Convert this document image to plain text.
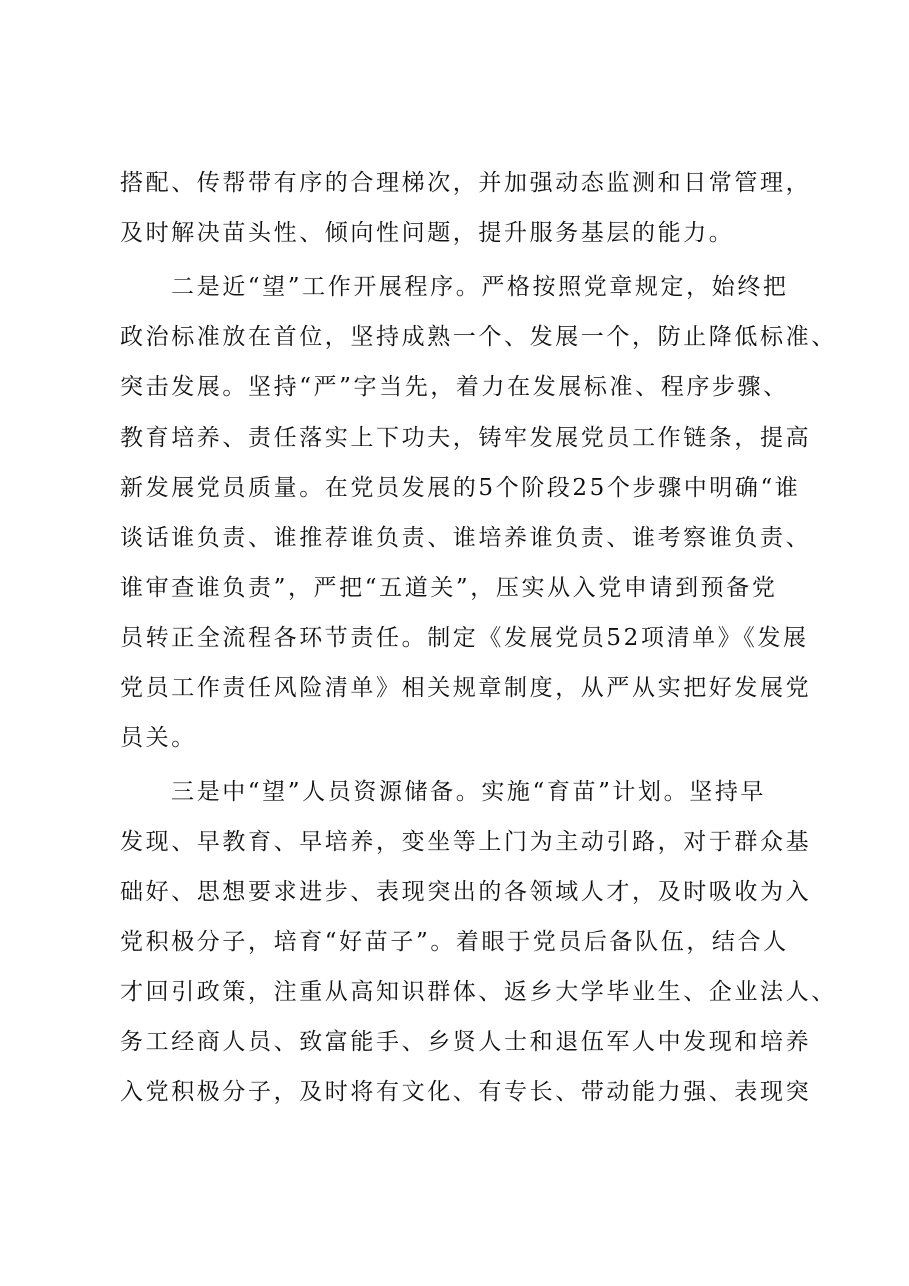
搭配、传帮带有序的合理梯次，并加强动态监测和日常管理，
及时解决苗头性、倾向性问题，提升服务基层的能力。
二是近“望”工作开展程序。严格按照党章规定，始终把
政治标准放在首位，坚持成熟一个、发展一个，防止降低标准、
突击发展。坚持“严”字当先，着力在发展标准、程序步骤、
教育培养、责任落实上下功夫，铸牢发展党员工作链条，提高
新发展党员质量。在党员发展的5个阶段25个步骤中明确“谁
谈话谁负责、谁推荐谁负责、谁培养谁负责、谁考察谁负责、
谁审查谁负责”，严把“五道关”，压实从入党申请到预备党
员转正全流程各环节责任。制定《发展党员52项清单》《发展
党员工作责任风险清单》相关规章制度，从严从实把好发展党
员关。
三是中“望”人员资源储备。实施“育苗”计划。坚持早
发现、早教育、早培养，变坐等上门为主动引路，对于群众基
础好、思想要求进步、表现突出的各领域人才，及时吸收为入
党积极分子，培育“好苗子”。着眼于党员后备队伍，结合人
才回引政策，注重从高知识群体、返乡大学毕业生、企业法人、
务工经商人员、致富能手、乡贤人士和退伍军人中发现和培养
入党积极分子，及时将有文化、有专长、带动能力强、表现突
